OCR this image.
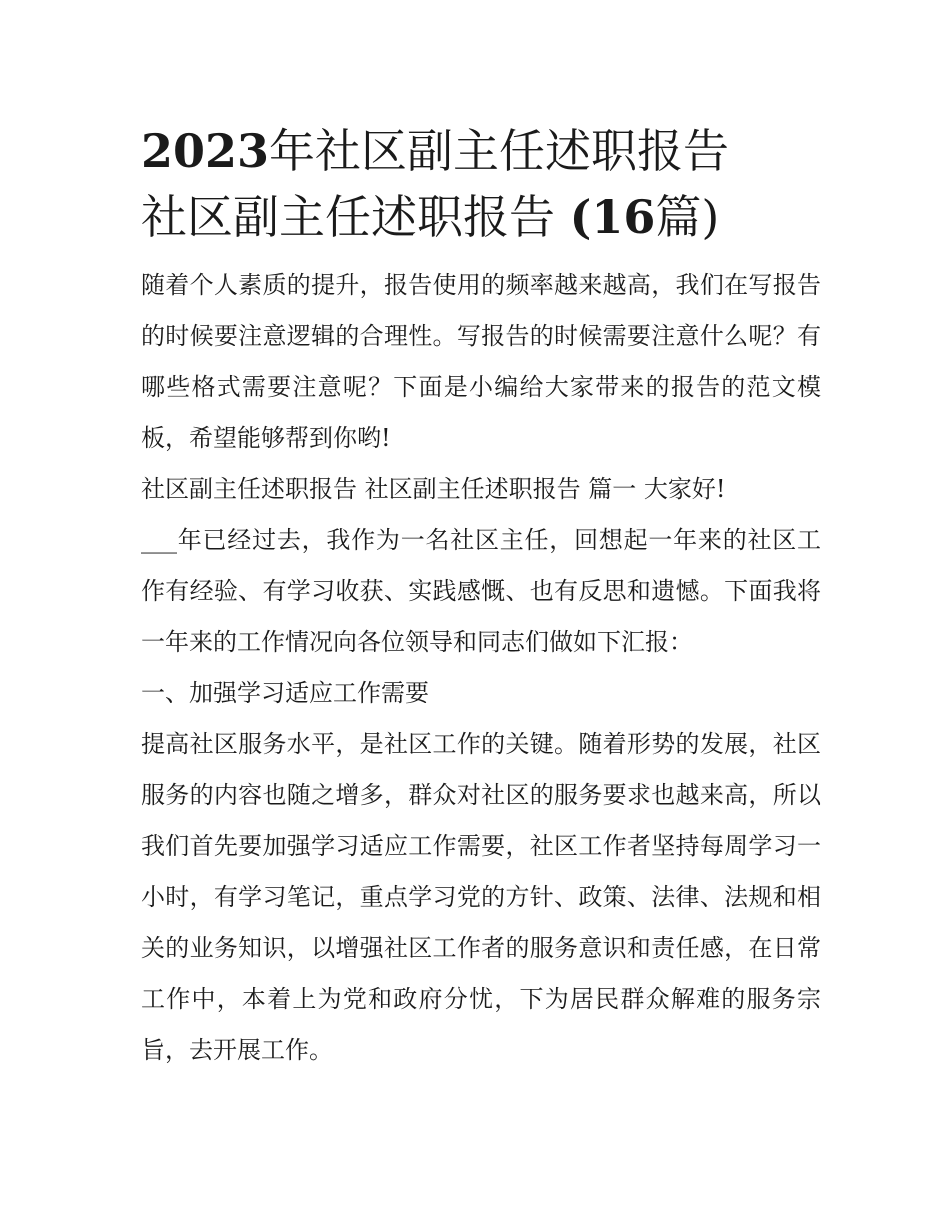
2023年社区副主任述职报告
社区副主任述职报告 (16篇)

随着个人素质的提升，报告使用的频率越来越高，我们在写报告的时候要注意逻辑的合理性。写报告的时候需要注意什么呢？有哪些格式需要注意呢？下面是小编给大家带来的报告的范文模板，希望能够帮到你哟!

社区副主任述职报告 社区副主任述职报告 篇一 大家好!

___年已经过去，我作为一名社区主任，回想起一年来的社区工作有经验、有学习收获、实践感慨、也有反思和遗憾。下面我将一年来的工作情况向各位领导和同志们做如下汇报：

一、加强学习适应工作需要

提高社区服务水平，是社区工作的关键。随着形势的发展，社区服务的内容也随之增多，群众对社区的服务要求也越来高，所以我们首先要加强学习适应工作需要，社区工作者坚持每周学习一小时，有学习笔记，重点学习党的方针、政策、法律、法规和相关的业务知识，以增强社区工作者的服务意识和责任感，在日常工作中，本着上为党和政府分忧，下为居民群众解难的服务宗旨，去开展工作。
